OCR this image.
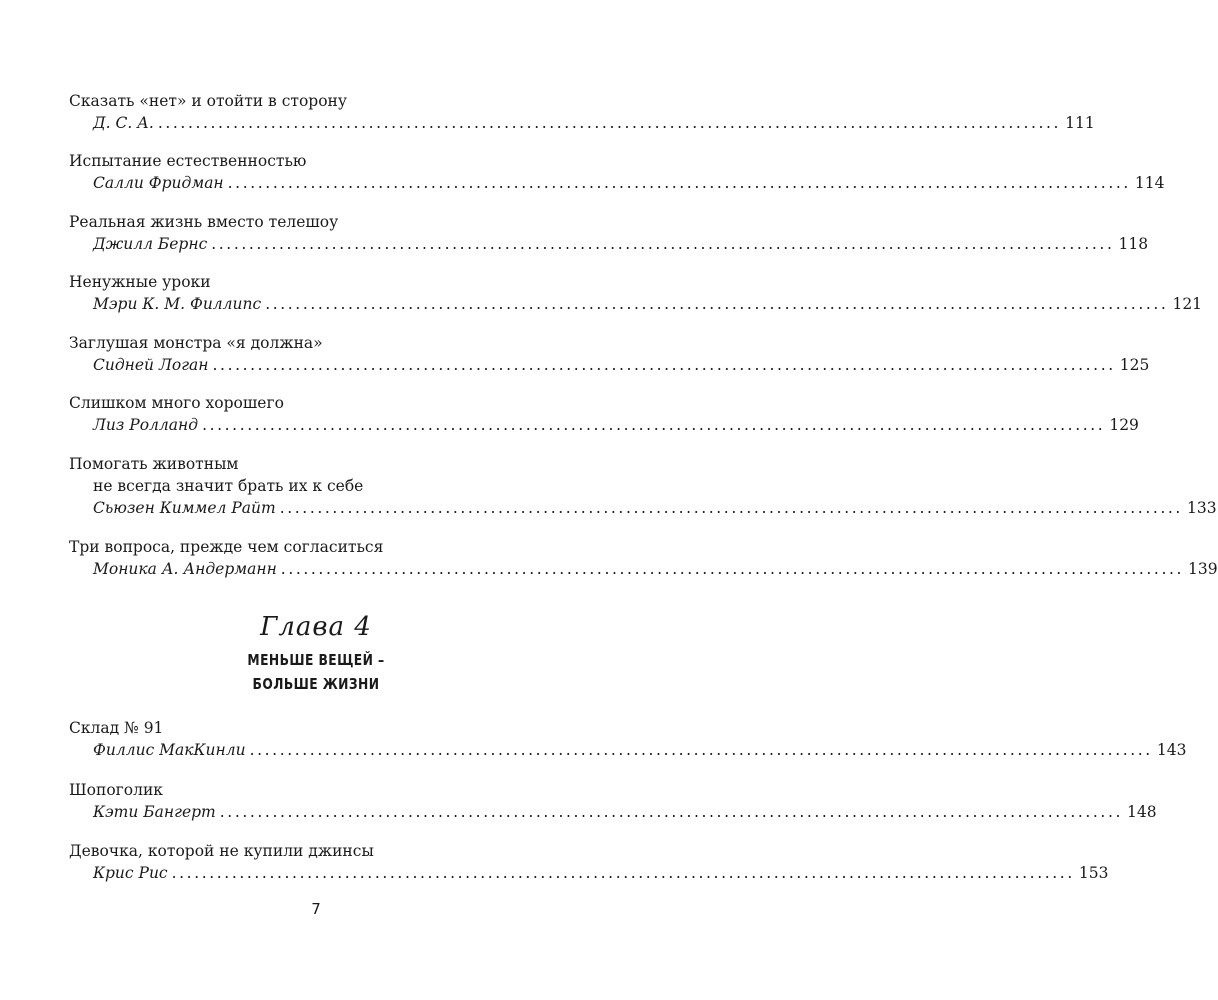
Сказать «нет» и отойти в сторону
Д. С. А. ........................................................................................................................ 111
Испытание естественностью
Салли Фридман ........................................................................................................................ 114
Реальная жизнь вместо телешоу
Джилл Бернс ........................................................................................................................ 118
Ненужные уроки
Мэри К. М. Филлипс ........................................................................................................................ 121
Заглушая монстра «я должна»
Сидней Логан ........................................................................................................................ 125
Слишком много хорошего
Лиз Ролланд ........................................................................................................................ 129
Помогать животным
не всегда значит брать их к себе
Сьюзен Киммел Райт ........................................................................................................................ 133
Три вопроса, прежде чем согласиться
Моника А. Андерманн ........................................................................................................................ 139
Глава 4
МЕНЬШЕ ВЕЩЕЙ –
БОЛЬШЕ ЖИЗНИ
Склад № 91
Филлис МакКинли ........................................................................................................................ 143
Шопоголик
Кэти Бангерт ........................................................................................................................ 148
Девочка, которой не купили джинсы
Крис Рис ........................................................................................................................ 153
7
